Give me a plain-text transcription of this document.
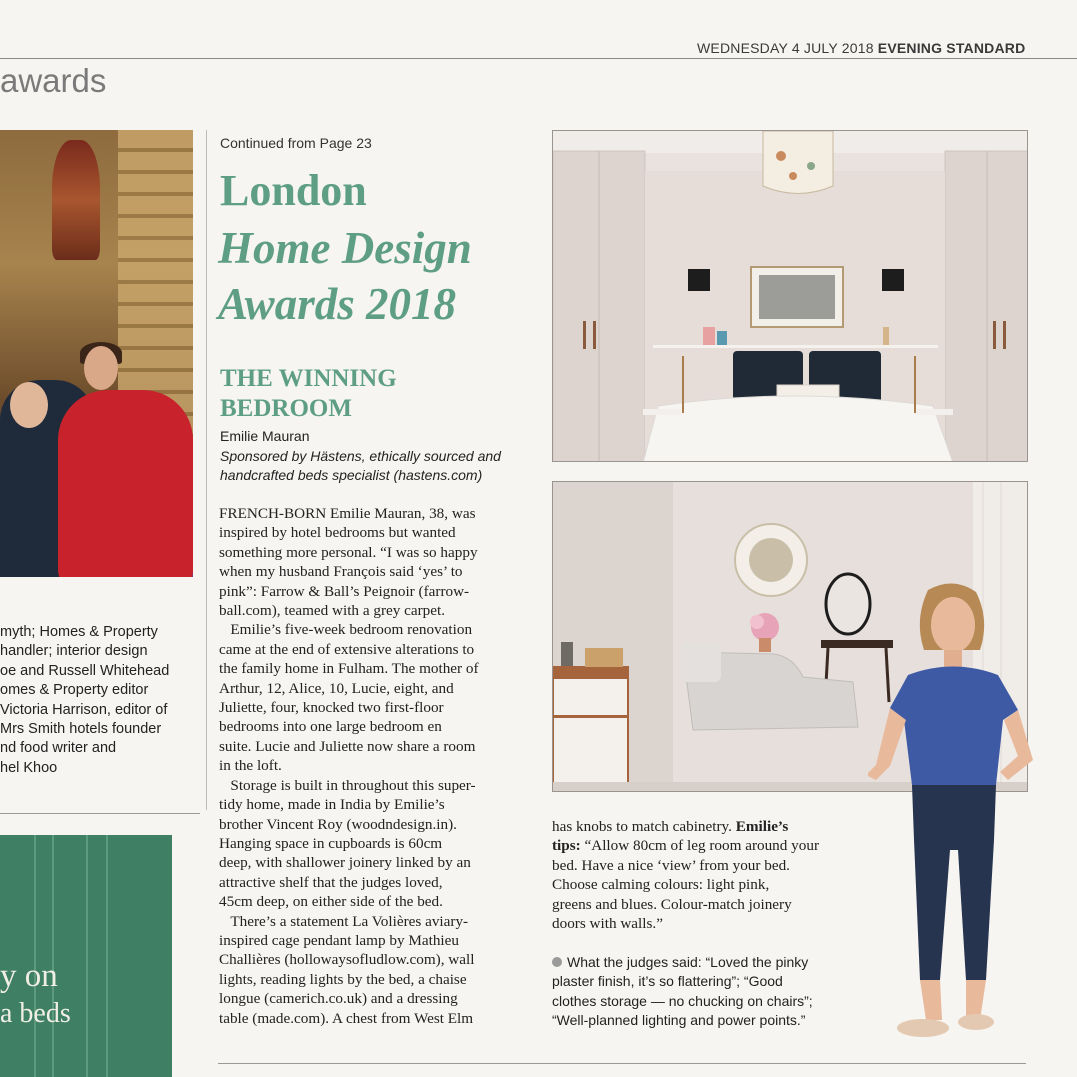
WEDNESDAY 4 JULY 2018 EVENING STANDARD
awards
myth; Homes & Property
handler; interior design
oe and Russell Whitehead
omes & Property editor
Victoria Harrison, editor of
Mrs Smith hotels founder
nd food writer and
hel Khoo
y on
a beds
Continued from Page 23
London
Home Design
Awards 2018
THE WINNING
BEDROOM
Emilie Mauran
Sponsored by Hästens, ethically sourced and
handcrafted beds specialist (hastens.com)
FRENCH-BORN Emilie Mauran, 38, was
inspired by hotel bedrooms but wanted
something more personal. “I was so happy
when my husband François said ‘yes’ to
pink”: Farrow & Ball’s Peignoir (farrow-
ball.com), teamed with a grey carpet.
Emilie’s five-week bedroom renovation
came at the end of extensive alterations to
the family home in Fulham. The mother of
Arthur, 12, Alice, 10, Lucie, eight, and
Juliette, four, knocked two first-floor
bedrooms into one large bedroom en
suite. Lucie and Juliette now share a room
in the loft.
Storage is built in throughout this super-
tidy home, made in India by Emilie’s
brother Vincent Roy (woodndesign.in).
Hanging space in cupboards is 60cm
deep, with shallower joinery linked by an
attractive shelf that the judges loved,
45cm deep, on either side of the bed.
There’s a statement La Volières aviary-
inspired cage pendant lamp by Mathieu
Challières (hollowaysofludlow.com), wall
lights, reading lights by the bed, a chaise
longue (camerich.co.uk) and a dressing
table (made.com). A chest from West Elm
has knobs to match cabinetry. Emilie’s
tips: “Allow 80cm of leg room around your
bed. Have a nice ‘view’ from your bed.
Choose calming colours: light pink,
greens and blues. Colour-match joinery
doors with walls.”
What the judges said: “Loved the pinky
plaster finish, it’s so flattering”; “Good
clothes storage — no chucking on chairs”;
“Well-planned lighting and power points.”
